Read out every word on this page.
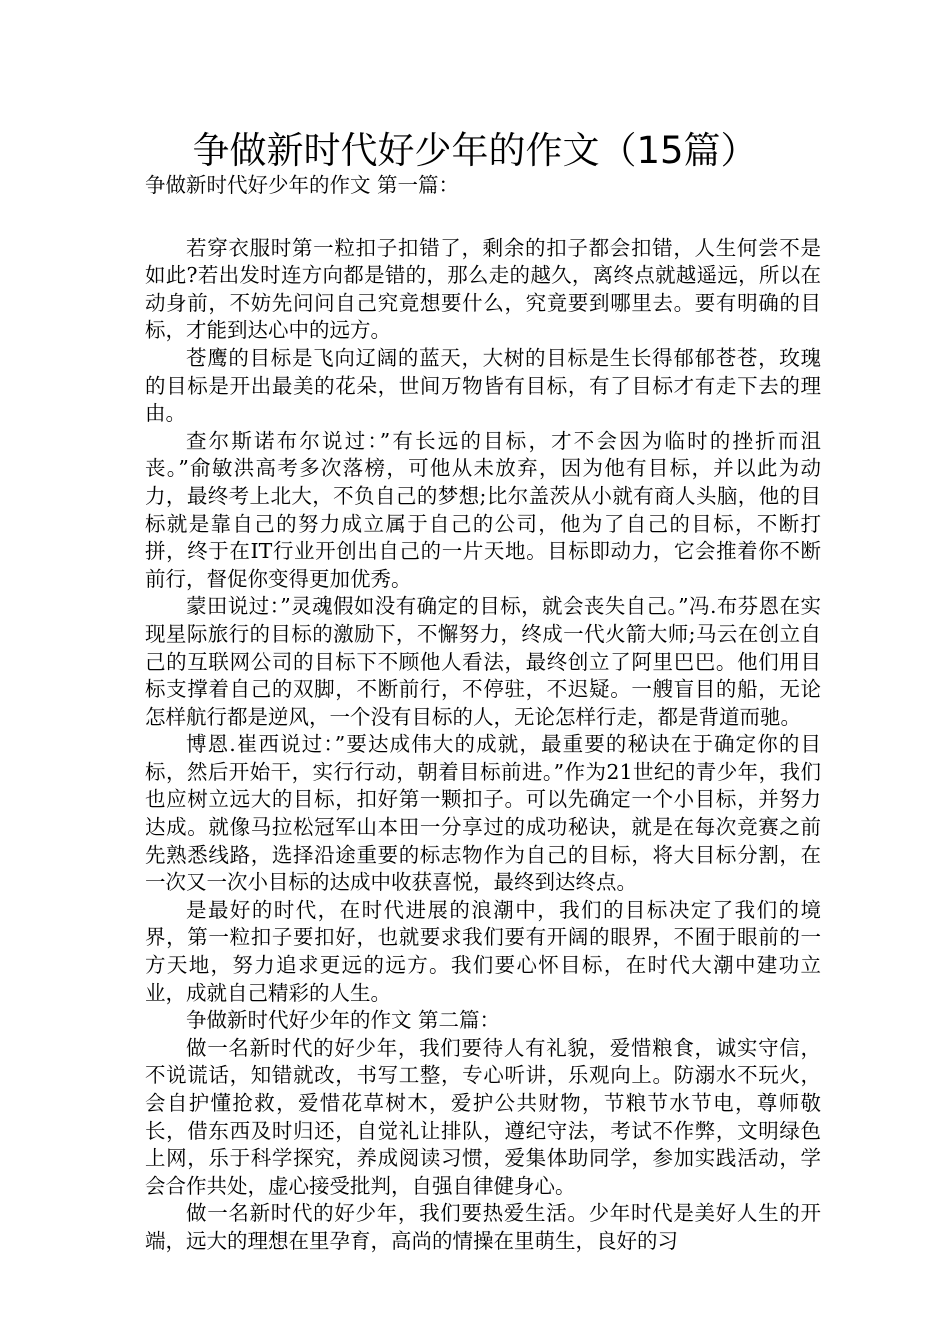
争做新时代好少年的作文（15篇）

争做新时代好少年的作文 第一篇：

若穿衣服时第一粒扣子扣错了，剩余的扣子都会扣错，人生何尝不是如此?若出发时连方向都是错的，那么走的越久，离终点就越遥远，所以在动身前，不妨先问问自己究竟想要什么，究竟要到哪里去。要有明确的目标，才能到达心中的远方。

苍鹰的目标是飞向辽阔的蓝天，大树的目标是生长得郁郁苍苍，玫瑰的目标是开出最美的花朵，世间万物皆有目标，有了目标才有走下去的理由。

查尔斯诺布尔说过：”有长远的目标，才不会因为临时的挫折而沮丧。”俞敏洪高考多次落榜，可他从未放弃，因为他有目标，并以此为动力，最终考上北大，不负自己的梦想;比尔盖茨从小就有商人头脑，他的目标就是靠自己的努力成立属于自己的公司，他为了自己的目标，不断打拼，终于在IT行业开创出自己的一片天地。目标即动力，它会推着你不断前行，督促你变得更加优秀。

蒙田说过：”灵魂假如没有确定的目标，就会丧失自己。”冯.布芬恩在实现星际旅行的目标的激励下，不懈努力，终成一代火箭大师;马云在创立自己的互联网公司的目标下不顾他人看法，最终创立了阿里巴巴。他们用目标支撑着自己的双脚，不断前行，不停驻，不迟疑。一艘盲目的船，无论怎样航行都是逆风，一个没有目标的人，无论怎样行走，都是背道而驰。

博恩.崔西说过：”要达成伟大的成就，最重要的秘诀在于确定你的目标，然后开始干，实行行动，朝着目标前进。”作为21世纪的青少年，我们也应树立远大的目标，扣好第一颗扣子。可以先确定一个小目标，并努力达成。就像马拉松冠军山本田一分享过的成功秘诀，就是在每次竞赛之前先熟悉线路，选择沿途重要的标志物作为自己的目标，将大目标分割，在一次又一次小目标的达成中收获喜悦，最终到达终点。

是最好的时代，在时代进展的浪潮中，我们的目标决定了我们的境界，第一粒扣子要扣好，也就要求我们要有开阔的眼界，不囿于眼前的一方天地，努力追求更远的远方。我们要心怀目标，在时代大潮中建功立业，成就自己精彩的人生。

争做新时代好少年的作文 第二篇：

做一名新时代的好少年，我们要待人有礼貌，爱惜粮食，诚实守信，不说谎话，知错就改，书写工整，专心听讲，乐观向上。防溺水不玩火，会自护懂抢救，爱惜花草树木，爱护公共财物，节粮节水节电，尊师敬长，借东西及时归还，自觉礼让排队，遵纪守法，考试不作弊，文明绿色上网，乐于科学探究，养成阅读习惯，爱集体助同学，参加实践活动，学会合作共处，虚心接受批判，自强自律健身心。

做一名新时代的好少年，我们要热爱生活。少年时代是美好人生的开端，远大的理想在里孕育，高尚的情操在里萌生，良好的习
